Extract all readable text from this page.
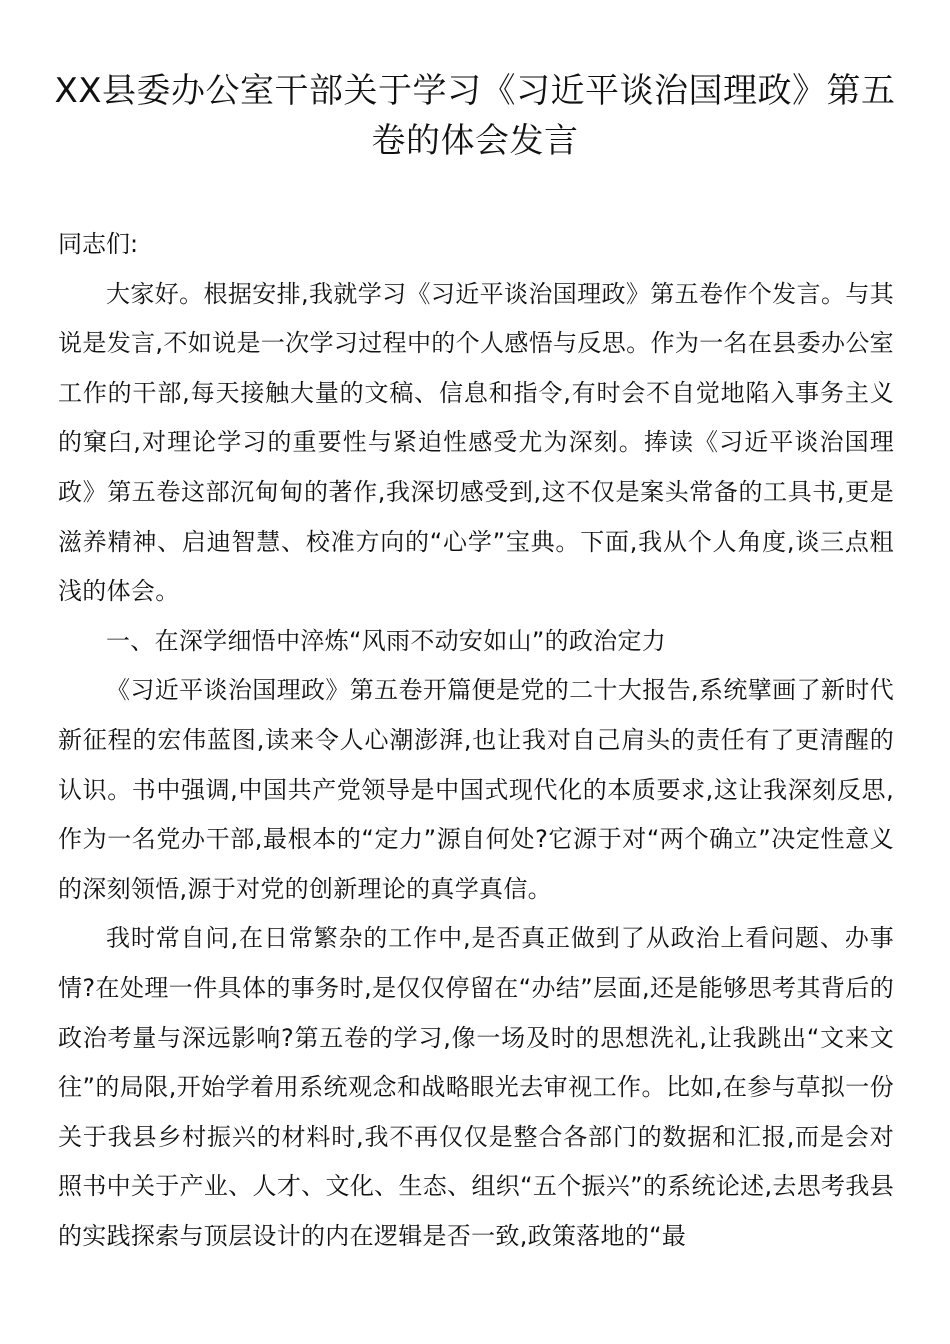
XX县委办公室干部关于学习《习近平谈治国理政》第五卷的体会发言

同志们:

大家好。根据安排,我就学习《习近平谈治国理政》第五卷作个发言。与其说是发言,不如说是一次学习过程中的个人感悟与反思。作为一名在县委办公室工作的干部,每天接触大量的文稿、信息和指令,有时会不自觉地陷入事务主义的窠臼,对理论学习的重要性与紧迫性感受尤为深刻。捧读《习近平谈治国理政》第五卷这部沉甸甸的著作,我深切感受到,这不仅是案头常备的工具书,更是滋养精神、启迪智慧、校准方向的“心学”宝典。下面,我从个人角度,谈三点粗浅的体会。

一、在深学细悟中淬炼“风雨不动安如山”的政治定力

《习近平谈治国理政》第五卷开篇便是党的二十大报告,系统擘画了新时代新征程的宏伟蓝图,读来令人心潮澎湃,也让我对自己肩头的责任有了更清醒的认识。书中强调,中国共产党领导是中国式现代化的本质要求,这让我深刻反思,作为一名党办干部,最根本的“定力”源自何处?它源于对“两个确立”决定性意义的深刻领悟,源于对党的创新理论的真学真信。

我时常自问,在日常繁杂的工作中,是否真正做到了从政治上看问题、办事情?在处理一件具体的事务时,是仅仅停留在“办结”层面,还是能够思考其背后的政治考量与深远影响?第五卷的学习,像一场及时的思想洗礼,让我跳出“文来文往”的局限,开始学着用系统观念和战略眼光去审视工作。比如,在参与草拟一份关于我县乡村振兴的材料时,我不再仅仅是整合各部门的数据和汇报,而是会对照书中关于产业、人才、文化、生态、组织“五个振兴”的系统论述,去思考我县的实践探索与顶层设计的内在逻辑是否一致,政策落地的“最
